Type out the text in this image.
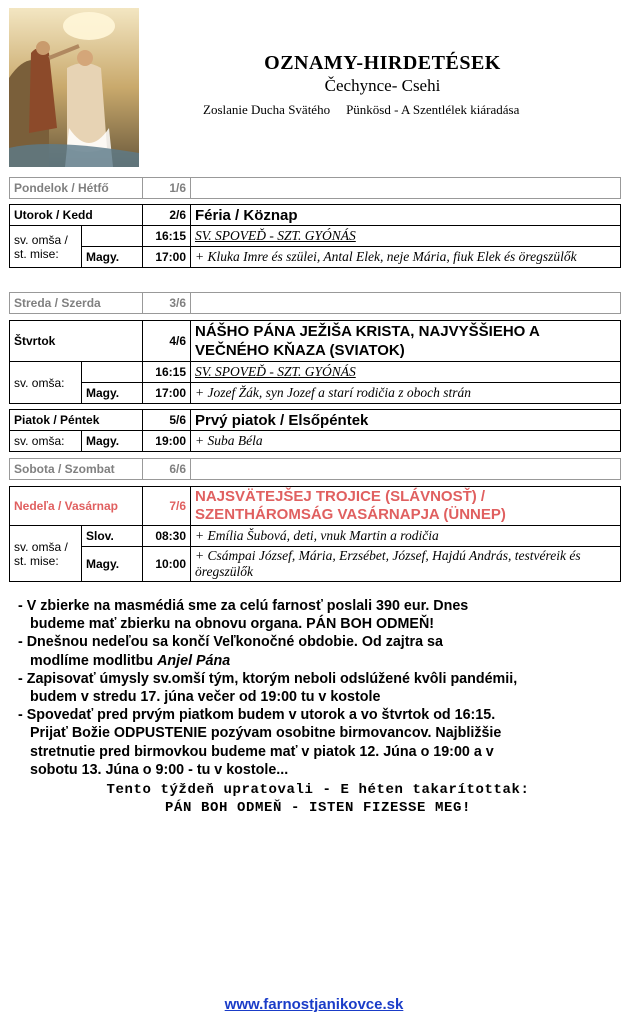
OZNAMY-HIRDETÉSEK
Čechynce- Csehi
Zoslanie Ducha Svätého Pünkösd - A Szentlélek kiáradása
Pondelok / Hétfő	1/6	
Utorok / Kedd		2/6	Féria / Köznap
sv. omša /
st. mise:		16:15	SV. SPOVEĎ - SZT. GYÓNÁS
	Magy.	17:00	+ Kluka Imre és szülei, Antal Elek, neje Mária, fiuk Elek és öregszülők
Streda / Szerda	3/6	
Štvrtok		4/6	NÁŠHO PÁNA JEŽIŠA KRISTA, NAJVYŠŠIEHO A VEČNÉHO KŇAZA (SVIATOK)
sv. omša:		16:15	SV. SPOVEĎ - SZT. GYÓNÁS
	Magy.	17:00	+ Jozef Žák, syn Jozef a starí rodičia z oboch strán
Piatok / Péntek		5/6	Prvý piatok / Elsőpéntek
sv. omša:	Magy.	19:00	+ Suba Béla
Sobota / Szombat	6/6	
Nedeľa / Vasárnap		7/6	NAJSVÄTEJŠEJ TROJICE (SLÁVNOSŤ) / SZENTHÁROMSÁG VASÁRNAPJA (ÜNNEP)
sv. omša /
st. mise:	Slov.	08:30	+ Emília Šubová, deti, vnuk Martin a rodičia
	Magy.	10:00	+ Csámpai József, Mária, Erzsébet, József, Hajdú András, testvéreik és öregszülők

- V zbierke na masmédiá sme za celú farnosť poslali 390 eur. Dnes

budeme mať zbierku na obnovu organa. PÁN BOH ODMEŇ!

- Dnešnou nedeľou sa končí Veľkonočné obdobie. Od zajtra sa

modlíme modlitbu Anjel Pána

- Zapisovať úmysly sv.omší tým, ktorým neboli odslúžené kvôli pandémii,

budem v stredu 17. júna večer od 19:00 tu v kostole

- Spovedať pred prvým piatkom budem v utorok a vo štvrtok od 16:15.

Prijať Božie ODPUSTENIE pozývam osobitne birmovancov. Najbližšie

stretnutie pred birmovkou budeme mať v piatok 12. Júna o 19:00 a v

sobotu 13. Júna o 9:00 - tu v kostole...

Tento týždeň upratovali - E héten takarítottak:

PÁN BOH ODMEŇ - ISTEN FIZESSE MEG!

www.farnostjanikovce.sk
